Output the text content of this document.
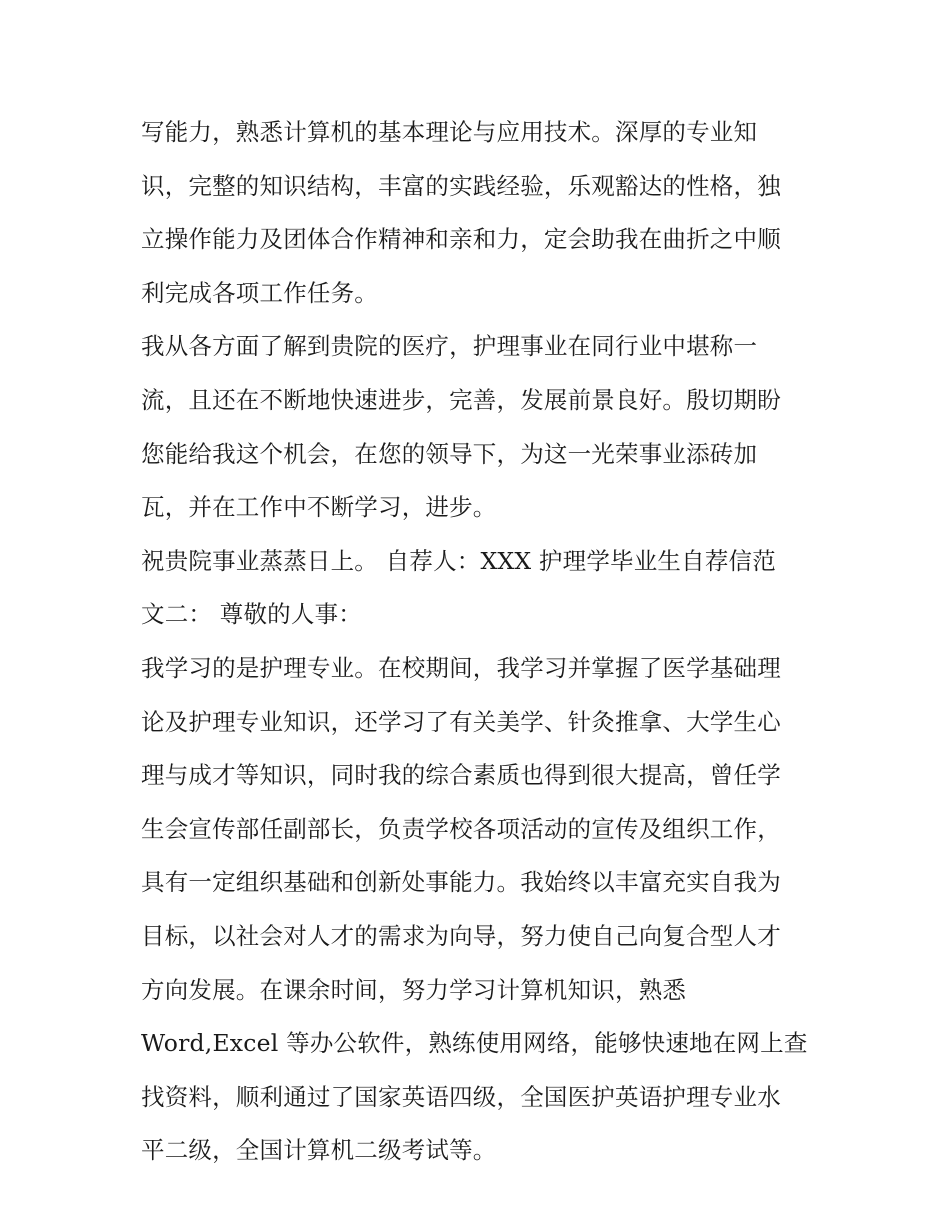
写能力，熟悉计算机的基本理论与应用技术。深厚的专业知
识，完整的知识结构，丰富的实践经验，乐观豁达的性格，独
立操作能力及团体合作精神和亲和力，定会助我在曲折之中顺
利完成各项工作任务。
我从各方面了解到贵院的医疗，护理事业在同行业中堪称一
流，且还在不断地快速进步，完善，发展前景良好。殷切期盼
您能给我这个机会，在您的领导下，为这一光荣事业添砖加
瓦，并在工作中不断学习，进步。
祝贵院事业蒸蒸日上。 自荐人：XXX 护理学毕业生自荐信范
文二： 尊敬的人事：
我学习的是护理专业。在校期间，我学习并掌握了医学基础理
论及护理专业知识，还学习了有关美学、针灸推拿、大学生心
理与成才等知识，同时我的综合素质也得到很大提高，曾任学
生会宣传部任副部长，负责学校各项活动的宣传及组织工作，
具有一定组织基础和创新处事能力。我始终以丰富充实自我为
目标，以社会对人才的需求为向导，努力使自己向复合型人才
方向发展。在课余时间，努力学习计算机知识，熟悉
Word,Excel 等办公软件，熟练使用网络，能够快速地在网上查
找资料，顺利通过了国家英语四级，全国医护英语护理专业水
平二级，全国计算机二级考试等。
